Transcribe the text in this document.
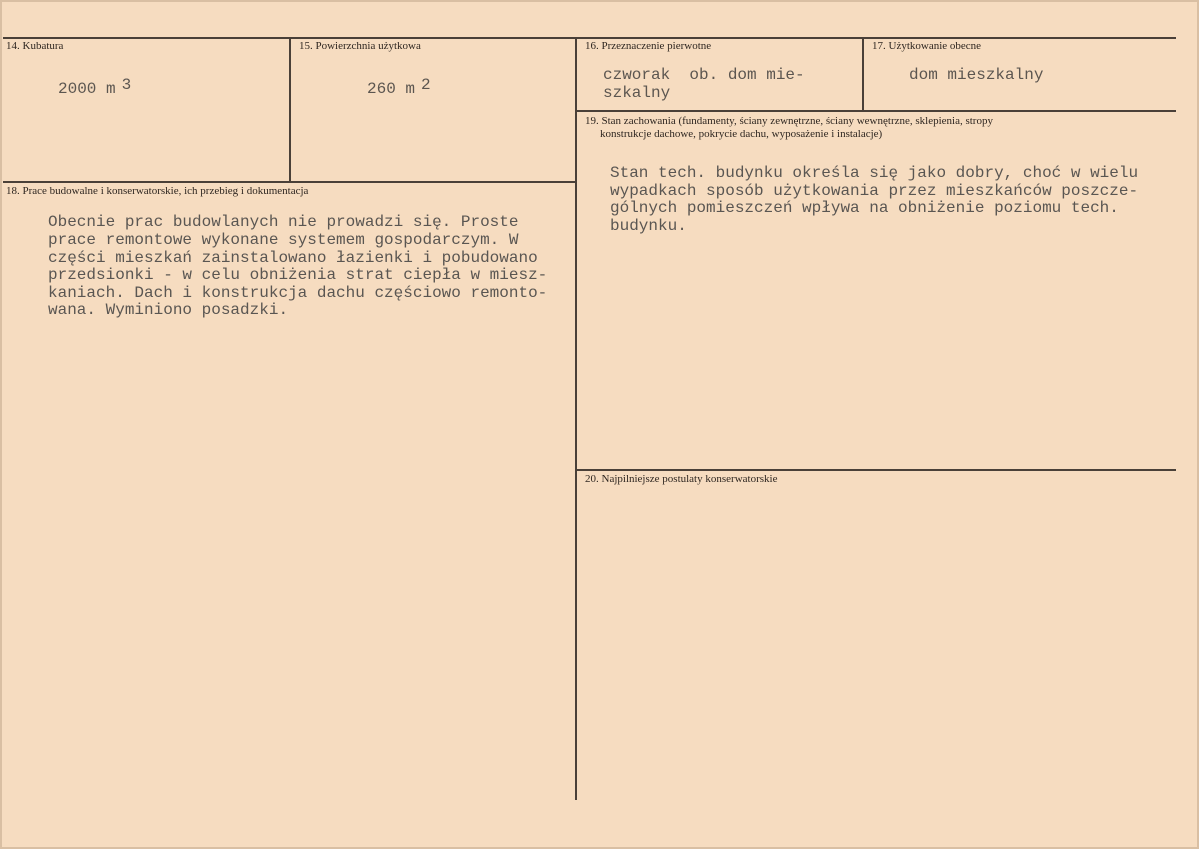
14. Kubatura
2000 m $^3$
15. Powierzchnia użytkowa
260 m $^2$
16. Przeznaczenie pierwotne
czworak  ob. dom mie-
szkalny
17. Użytkowanie obecne
dom mieszkalny
18. Prace budowalne i konserwatorskie, ich przebieg i dokumentacja
Obecnie prac budowlanych nie prowadzi się. Proste
prace remontowe wykonane systemem gospodarczym. W
części mieszkań zainstalowano łazienki i pobudowano
przedsionki - w celu obniżenia strat ciepła w miesz-
kaniach. Dach i konstrukcja dachu częściowo remonto-
wana. Wyminiono posadzki.
19. Stan zachowania (fundamenty, ściany zewnętrzne, ściany wewnętrzne, sklepienia, stropy
konstrukcje dachowe, pokrycie dachu, wyposażenie i instalacje)
Stan tech. budynku określa się jako dobry, choć w wielu
wypadkach sposób użytkowania przez mieszkańców poszcze-
gólnych pomieszczeń wpływa na obniżenie poziomu tech.
budynku.
20. Najpilniejsze postulaty konserwatorskie
